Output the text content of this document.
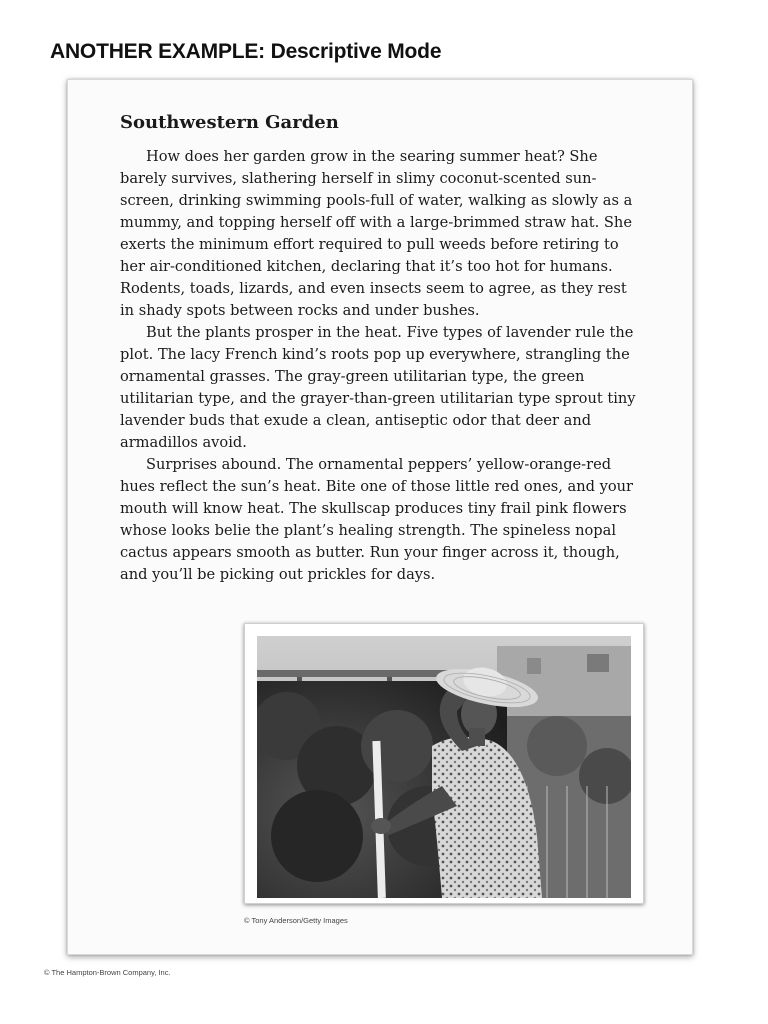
ANOTHER EXAMPLE: Descriptive Mode
Southwestern Garden

How does her garden grow in the searing summer heat? She barely survives, slathering herself in slimy coconut-scented sun-screen, drinking swimming pools-full of water, walking as slowly as a mummy, and topping herself off with a large-brimmed straw hat. She exerts the minimum effort required to pull weeds before retiring to her air-conditioned kitchen, declaring that it’s too hot for humans. Rodents, toads, lizards, and even insects seem to agree, as they rest in shady spots between rocks and under bushes.

But the plants prosper in the heat. Five types of lavender rule the plot. The lacy French kind’s roots pop up everywhere, strangling the ornamental grasses. The gray-green utilitarian type, the green utilitarian type, and the grayer-than-green utilitarian type sprout tiny lavender buds that exude a clean, antiseptic odor that deer and armadillos avoid.

Surprises abound. The ornamental peppers’ yellow-orange-red hues reflect the sun’s heat. Bite one of those little red ones, and your mouth will know heat. The skullscap produces tiny frail pink flowers whose looks belie the plant’s healing strength. The spineless nopal cactus appears smooth as butter. Run your finger across it, though, and you’ll be picking out prickles for days.

© Tony Anderson/Getty Images
© The Hampton-Brown Company, Inc.
